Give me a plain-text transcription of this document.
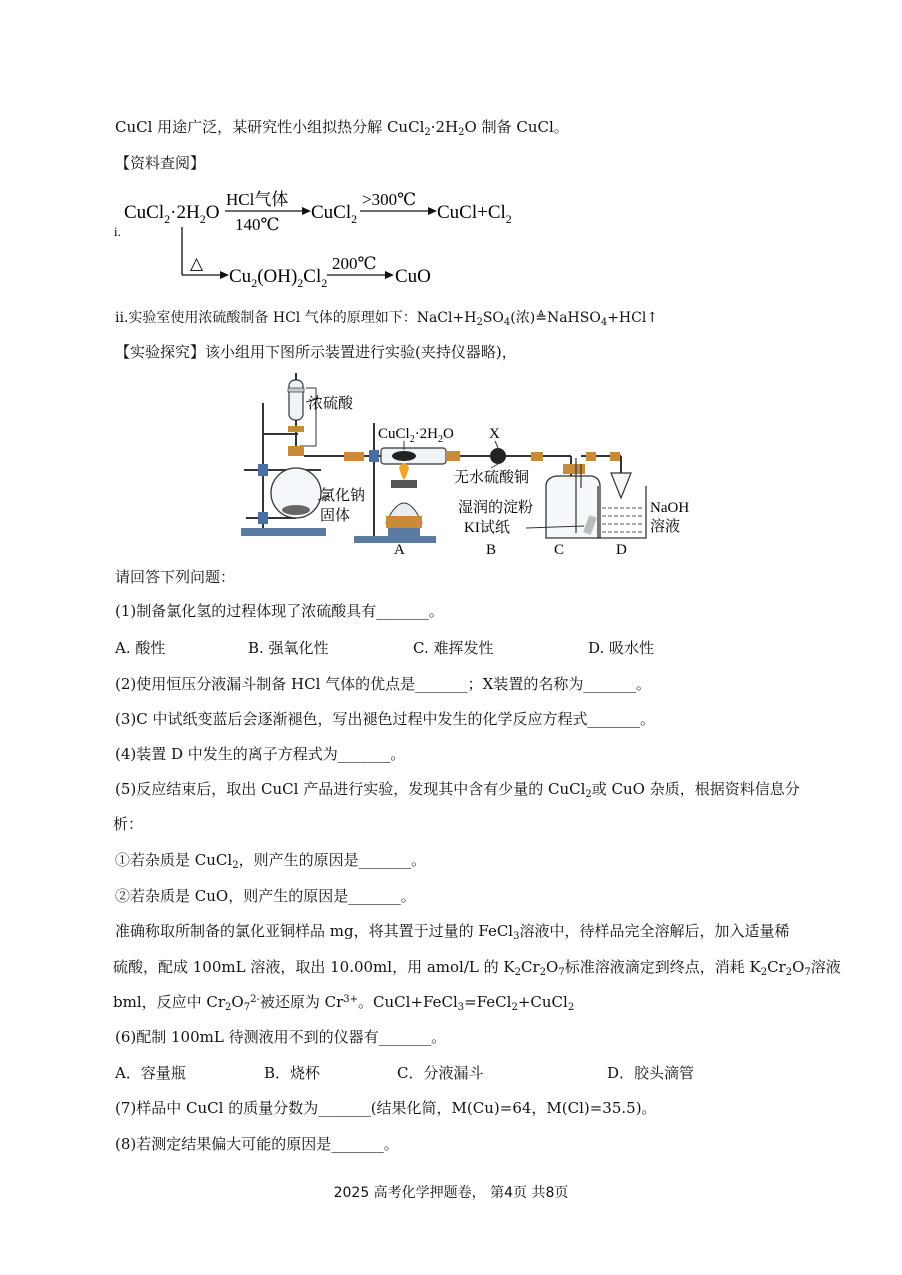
CuCl 用途广泛，某研究性小组拟热分解 $CuCl_2\cdot 2H_2O$ 制备 CuCl。
【资料查阅】
i.
$CuCl_2\cdot 2H_2O$
HCl气体
140℃
CuCl$_2$
>300℃
$CuCl+Cl_2$
△
$Cu_2(OH)_2Cl_2$
200℃
CuO
ii.实验室使用浓硫酸制备 HCl 气体的原理如下：$NaCl+H_2SO_4$(浓)≜NaHSO$_4$+HCl↑
【实验探究】该小组用下图所示装置进行实验(夹持仪器略)，
浓硫酸
氯化钠
固体
$CuCl_2\cdot 2H_2O$ X
无水硫酸铜
湿润的淀粉
KI试纸
NaOH
溶液
A	B	C	D
请回答下列问题：
(1)制备氯化氢的过程体现了浓硫酸具有_______。
A. 酸性	B. 强氧化性	C. 难挥发性	D. 吸水性
(2)使用恒压分液漏斗制备 HCl 气体的优点是_______；X装置的名称为_______。
(3)C 中试纸变蓝后会逐渐褪色，写出褪色过程中发生的化学反应方程式_______。
(4)装置 D 中发生的离子方程式为_______。
(5)反应结束后，取出 CuCl 产品进行实验，发现其中含有少量的 CuCl$_2$或 CuO 杂质，根据资料信息分
析：
①若杂质是 CuCl$_2$，则产生的原因是_______。
②若杂质是 CuO，则产生的原因是_______。
准确称取所制备的氯化亚铜样品 mg，将其置于过量的 FeCl$_3$溶液中，待样品完全溶解后，加入适量稀
硫酸，配成 100mL 溶液，取出 10.00ml，用 amol/L 的 $K_2Cr_2O_7$标准溶液滴定到终点，消耗 $K_2Cr_2O_7$溶液
bml，反应中 $Cr_2O_7^{2-}$被还原为 $Cr^{3+}$。CuCl+FeCl$_3$=FeCl$_2$+CuCl$_2$
(6)配制 100mL 待测液用不到的仪器有_______。
A．容量瓶	B．烧杯	C．分液漏斗	D．胶头滴管
(7)样品中 CuCl 的质量分数为_______(结果化简，M(Cu)=64，M(Cl)=35.5)。
(8)若测定结果偏大可能的原因是_______。
2025 高考化学押题卷， 第4页 共8页
